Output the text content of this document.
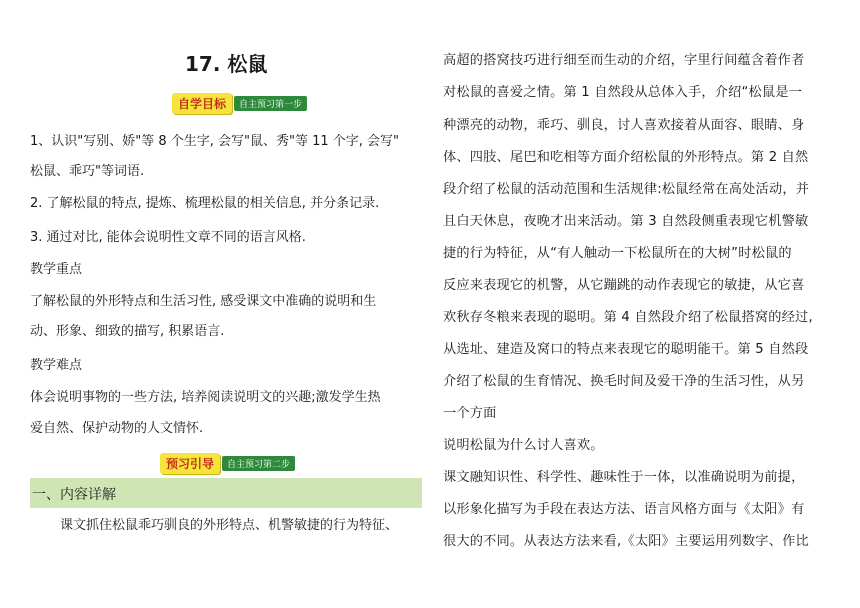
17. 松鼠
自学目标	自主预习第一步
1、认识"写别、娇"等 8 个生字, 会写"鼠、秀"等 11 个字, 会写"
松鼠、乖巧"等词语.
2. 了解松鼠的特点, 提炼、梳理松鼠的相关信息, 并分条记录.
3. 通过对比, 能体会说明性文章不同的语言风格.
教学重点
了解松鼠的外形特点和生活习性, 感受课文中准确的说明和生
动、形象、细致的描写, 积累语言.
教学难点
体会说明事物的一些方法, 培养阅读说明文的兴趣;激发学生热
爱自然、保护动物的人文情怀.
一、内容详解
课文抓住松鼠乖巧驯良的外形特点、机警敏捷的行为特征、
预习引导	自主预习第二步
高超的搭窝技巧进行细至而生动的介绍，字里行间蕴含着作者
对松鼠的喜爱之情。第 1 自然段从总体入手，介绍“松鼠是一
种漂亮的动物，乖巧、驯良，讨人喜欢接着从面容、眼睛、身
体、四肢、尾巴和吃相等方面介绍松鼠的外形特点。第 2 自然
段介绍了松鼠的活动范围和生活规律:松鼠经常在高处活动，并
且白天休息，夜晚才出来活动。第 3 自然段侧重表现它机警敏
捷的行为特征，从“有人触动一下松鼠所在的大树”时松鼠的
反应来表现它的机警，从它蹦跳的动作表现它的敏捷，从它喜
欢秋存冬粮来表现的聪明。第 4 自然段介绍了松鼠搭窝的经过,
从选址、建造及窝口的特点来表现它的聪明能干。第 5 自然段
介绍了松鼠的生育情况、换毛时间及爱干净的生活习性，从另
一个方面
说明松鼠为什么讨人喜欢。
课文融知识性、科学性、趣味性于一体，以准确说明为前提，
以形象化描写为手段在表达方法、语言风格方面与《太阳》有
很大的不同。从表达方法来看,《太阳》主要运用列数字、作比
